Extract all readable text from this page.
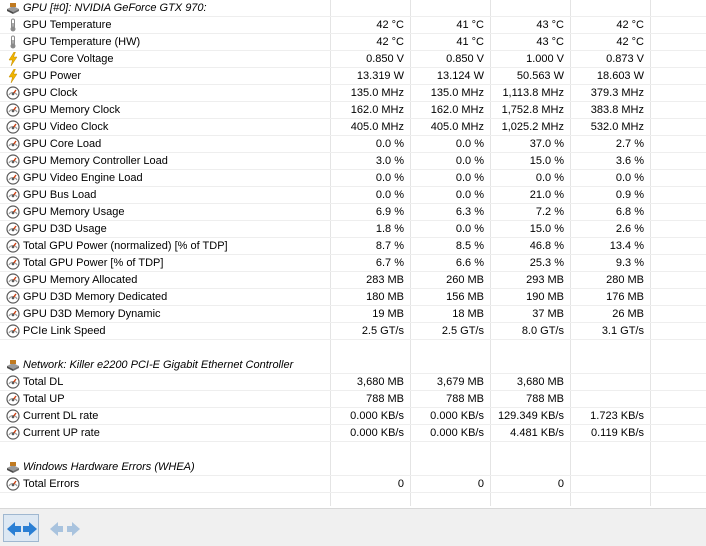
GPU [#0]: NVIDIA GeForce GTX 970:
GPU Temperature	42 °C	41 °C	43 °C	42 °C
GPU Temperature (HW)	42 °C	41 °C	43 °C	42 °C
GPU Core Voltage	0.850 V	0.850 V	1.000 V	0.873 V
GPU Power	13.319 W	13.124 W	50.563 W	18.603 W
GPU Clock	135.0 MHz	135.0 MHz	1,113.8 MHz	379.3 MHz
GPU Memory Clock	162.0 MHz	162.0 MHz	1,752.8 MHz	383.8 MHz
GPU Video Clock	405.0 MHz	405.0 MHz	1,025.2 MHz	532.0 MHz
GPU Core Load	0.0 %	0.0 %	37.0 %	2.7 %
GPU Memory Controller Load	3.0 %	0.0 %	15.0 %	3.6 %
GPU Video Engine Load	0.0 %	0.0 %	0.0 %	0.0 %
GPU Bus Load	0.0 %	0.0 %	21.0 %	0.9 %
GPU Memory Usage	6.9 %	6.3 %	7.2 %	6.8 %
GPU D3D Usage	1.8 %	0.0 %	15.0 %	2.6 %
Total GPU Power (normalized) [% of TDP]	8.7 %	8.5 %	46.8 %	13.4 %
Total GPU Power [% of TDP]	6.7 %	6.6 %	25.3 %	9.3 %
GPU Memory Allocated	283 MB	260 MB	293 MB	280 MB
GPU D3D Memory Dedicated	180 MB	156 MB	190 MB	176 MB
GPU D3D Memory Dynamic	19 MB	18 MB	37 MB	26 MB
PCIe Link Speed	2.5 GT/s	2.5 GT/s	8.0 GT/s	3.1 GT/s
Network: Killer e2200 PCI-E Gigabit Ethernet Controller
Total DL	3,680 MB	3,679 MB	3,680 MB
Total UP	788 MB	788 MB	788 MB
Current DL rate	0.000 KB/s	0.000 KB/s	129.349 KB/s	1.723 KB/s
Current UP rate	0.000 KB/s	0.000 KB/s	4.481 KB/s	0.119 KB/s
Windows Hardware Errors (WHEA)
Total Errors	0	0	0
